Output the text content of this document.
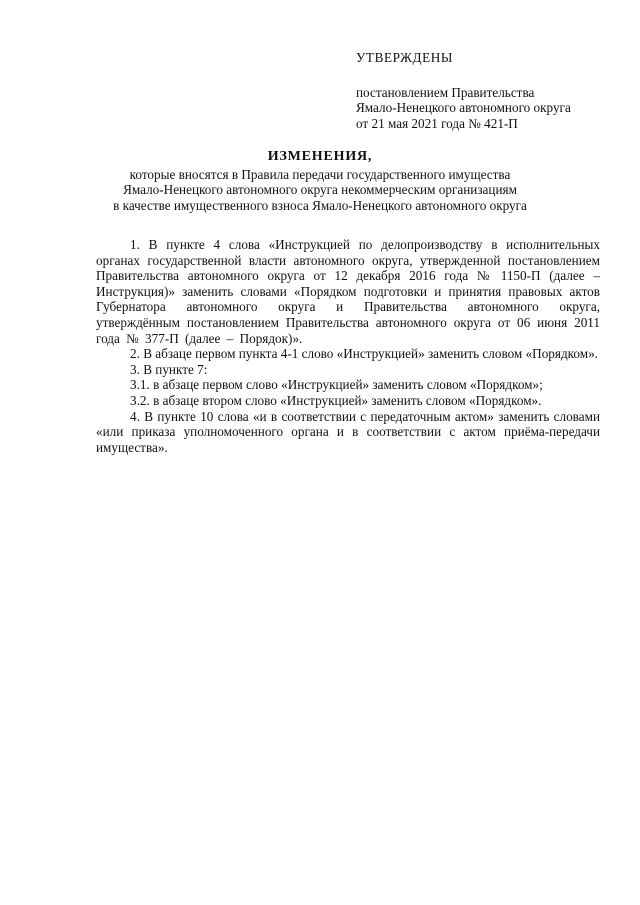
УТВЕРЖДЕНЫ
постановлением Правительства
Ямало-Ненецкого автономного округа
от 21 мая 2021 года № 421-П
ИЗМЕНЕНИЯ,
которые вносятся в Правила передачи государственного имущества
Ямало-Ненецкого автономного округа некоммерческим организациям
в качестве имущественного взноса Ямало-Ненецкого автономного округа

1. В пункте 4 слова «Инструкцией по делопроизводству в исполнительных органах государственной власти автономного округа, утвержденной постановлением Правительства автономного округа от 12 декабря 2016 года № 1150-П (далее – Инструкция)» заменить словами «Порядком подготовки и принятия правовых актов Губернатора автономного округа и Правительства автономного округа, утверждённым постановлением Правительства автономного округа от 06 июня 2011 года № 377-П (далее – Порядок)».

2. В абзаце первом пункта 4-1 слово «Инструкцией» заменить словом «Порядком».

3. В пункте 7:

3.1. в абзаце первом слово «Инструкцией» заменить словом «Порядком»;

3.2. в абзаце втором слово «Инструкцией» заменить словом «Порядком».

4. В пункте 10 слова «и в соответствии с передаточным актом» заменить словами «или приказа уполномоченного органа и в соответствии с актом приёма-передачи имущества».
